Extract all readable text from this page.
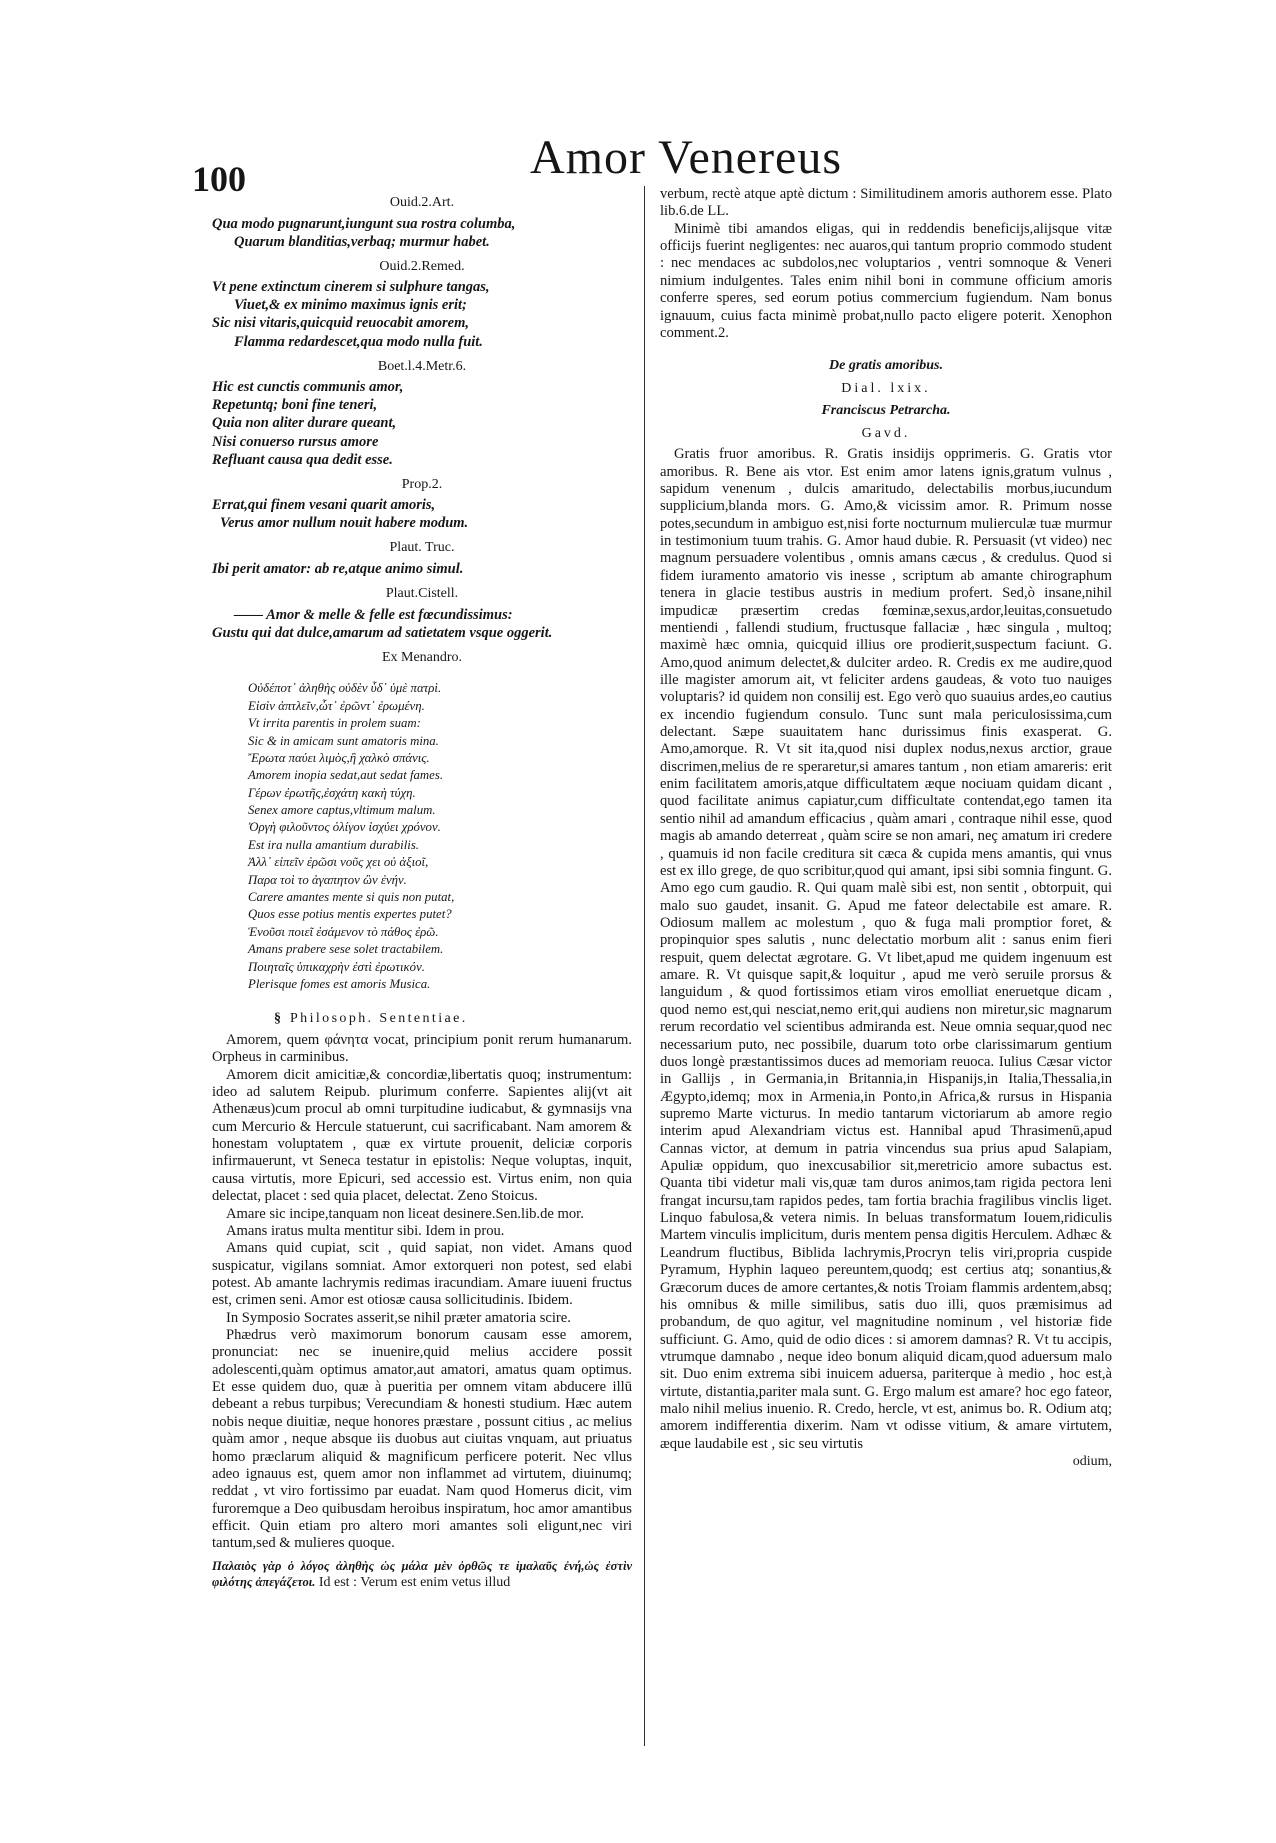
100	Amor Venereus
Ouid.2.Art.

Qua modo pugnarunt,iungunt sua rostra columba,

Quarum blanditias,verbaq; murmur habet.

Ouid.2.Remed.

Vt pene extinctum cinerem si sulphure tangas,

Viuet,& ex minimo maximus ignis erit;

Sic nisi vitaris,quicquid reuocabit amorem,

Flamma redardescet,qua modo nulla fuit.

Boet.l.4.Metr.6.

Hic est cunctis communis amor,

Repetuntq; boni fine teneri,

Quia non aliter durare queant,

Nisi conuerso rursus amore

Refluant causa qua dedit esse.

Prop.2.

Errat,qui finem vesani quarit amoris,

Verus amor nullum nouit habere modum.

Plaut. Truc.

Ibi perit amator: ab re,atque animo simul.

Plaut.Cistell.

—— Amor & melle & felle est fœcundissimus:

Gustu qui dat dulce,amarum ad satietatem vsque oggerit.

Ex Menandro.

Οὐδέποτ᾽ ἀληθὴς οὐδὲν ὗδ᾽ ὑμὲ πατρὶ.

Εἰσὶν ἀπτλεῖν,ὦτ᾽ ἐρῶντ᾽ ἐρωμένη.

Vt irrita parentis in prolem suam:

Sic & in amicam sunt amatoris mina.

Ἔρωτα παύει λιμὸς,ἢ χαλκὸ σπάνις.

Amorem inopia sedat,aut sedat fames.

Γέρων ἐρωτῆς,ἐσχάτη κακὴ τύχη.

Senex amore captus,vltimum malum.

Ὀργὴ φιλοῦντος ὀλίγον ἰσχύει χρόνον.

Est ira nulla amantium durabilis.

Ἀλλ᾽ εἰπεῖν ἐρῶσι νοῦς χει οὐ ἀξιοῖ,

Παρα τοὶ το ἀγαπητον ὢν ἐνήν.

Carere amantes mente si quis non putat,

Quos esse potius mentis expertes putet?

Ἑνοῦσι ποιεῖ ἐσάμενον τὸ πάθος ἐρῶ.

Amans prabere sese solet tractabilem.

Ποιηταῖς ὑπικαχρὴν ἐστὶ ἐρωτικόν.

Plerisque fomes est amoris Musica.

§ Philosoph. Sententiae.

Amorem, quem φάνητα vocat, principium ponit rerum humanarum. Orpheus in carminibus.

Amorem dicit amicitiæ,& concordiæ,libertatis quoq; instrumentum: ideo ad salutem Reipub. plurimum conferre. Sapientes alij(vt ait Athenæus)cum procul ab omni turpitudine iudicabut, & gymnasijs vna cum Mercurio & Hercule statuerunt, cui sacrificabant. Nam amorem & honestam voluptatem , quæ ex virtute prouenit, deliciæ corporis infirmauerunt, vt Seneca testatur in epistolis: Neque voluptas, inquit, causa virtutis, more Epicuri, sed accessio est. Virtus enim, non quia delectat, placet : sed quia placet, delectat. Zeno Stoicus.

Amare sic incipe,tanquam non liceat desinere.Sen.lib.de mor.

Amans iratus multa mentitur sibi. Idem in prou.

Amans quid cupiat, scit , quid sapiat, non videt. Amans quod suspicatur, vigilans somniat. Amor extorqueri non potest, sed elabi potest. Ab amante lachrymis redimas iracundiam. Amare iuueni fructus est, crimen seni. Amor est otiosæ causa sollicitudinis. Ibidem.

In Symposio Socrates asserit,se nihil præter amatoria scire.

Phædrus verò maximorum bonorum causam esse amorem, pronunciat: nec se inuenire,quid melius accidere possit adolescenti,quàm optimus amator,aut amatori, amatus quam optimus. Et esse quidem duo, quæ à pueritia per omnem vitam abducere illū debeant a rebus turpibus; Verecundiam & honesti studium. Hæc autem nobis neque diuitiæ, neque honores præstare , possunt citius , ac melius quàm amor , neque absque iis duobus aut ciuitas vnquam, aut priuatus homo præclarum aliquid & magnificum perficere poterit. Nec vllus adeo ignauus est, quem amor non inflammet ad virtutem, diuinumq; reddat , vt viro fortissimo par euadat. Nam quod Homerus dicit, vim furoremque a Deo quibusdam heroibus inspiratum, hoc amor amantibus efficit. Quin etiam pro altero mori amantes soli eligunt,nec viri tantum,sed & mulieres quoque.

Παλαιὸς γὰρ ὁ λόγος ἀληθὴς ὡς μάλα μὲν ὀρθῶς τε ἱμαλαῦς ἐνή,ὡς ἐστὶν φιλότης ἀπεγάζετοι. Id est : Verum est enim vetus illud

verbum, rectè atque aptè dictum : Similitudinem amoris authorem esse. Plato lib.6.de LL.

Minimè tibi amandos eligas, qui in reddendis beneficijs,alijsque vitæ officijs fuerint negligentes: nec auaros,qui tantum proprio commodo student : nec mendaces ac subdolos,nec voluptarios , ventri somnoque & Veneri nimium indulgentes. Tales enim nihil boni in commune officium amoris conferre speres, sed eorum potius commercium fugiendum. Nam bonus ignauum, cuius facta minimè probat,nullo pacto eligere poterit. Xenophon comment.2.

De gratis amoribus.
Dial. lxix.
Franciscus Petrarcha.
Gavd.

Gratis fruor amoribus. R. Gratis insidijs opprimeris. G. Gratis vtor amoribus. R. Bene ais vtor. Est enim amor latens ignis,gratum vulnus , sapidum venenum , dulcis amaritudo, delectabilis morbus,iucundum supplicium,blanda mors. G. Amo,& vicissim amor. R. Primum nosse potes,secundum in ambiguo est,nisi forte nocturnum mulierculæ tuæ murmur in testimonium tuum trahis. G. Amor haud dubie. R. Persuasit (vt video) nec magnum persuadere volentibus , omnis amans cæcus , & credulus. Quod si fidem iuramento amatorio vis inesse , scriptum ab amante chirographum tenera in glacie testibus austris in medium profert. Sed,ò insane,nihil impudicæ præsertim credas fœminæ,sexus,ardor,leuitas,consuetudo mentiendi , fallendi studium, fructusque fallaciæ , hæc singula , multoq; maximè hæc omnia, quicquid illius ore prodierit,suspectum faciunt. G. Amo,quod animum delectet,& dulciter ardeo. R. Credis ex me audire,quod ille magister amorum ait, vt feliciter ardens gaudeas, & voto tuo nauiges voluptaris? id quidem non consilij est. Ego verò quo suauius ardes,eo cautius ex incendio fugiendum consulo. Tunc sunt mala periculosissima,cum delectant. Sæpe suauitatem hanc durissimus finis exasperat. G. Amo,amorque. R. Vt sit ita,quod nisi duplex nodus,nexus arctior, graue discrimen,melius de re speraretur,si amares tantum , non etiam amareris: erit enim facilitatem amoris,atque difficultatem æque nociuam quidam dicant , quod facilitate animus capiatur,cum difficultate contendat,ego tamen ita sentio nihil ad amandum efficacius , quàm amari , contraque nihil esse, quod magis ab amando deterreat , quàm scire se non amari, neç amatum iri credere , quamuis id non facile creditura sit cæca & cupida mens amantis, qui vnus est ex illo grege, de quo scribitur,quod qui amant, ipsi sibi somnia fingunt. G. Amo ego cum gaudio. R. Qui quam malè sibi est, non sentit , obtorpuit, qui malo suo gaudet, insanit. G. Apud me fateor delectabile est amare. R. Odiosum mallem ac molestum , quo & fuga mali promptior foret, & propinquior spes salutis , nunc delectatio morbum alit : sanus enim fieri respuit, quem delectat ægrotare. G. Vt libet,apud me quidem ingenuum est amare. R. Vt quisque sapit,& loquitur , apud me verò seruile prorsus & languidum , & quod fortissimos etiam viros emolliat eneruetque dicam , quod nemo est,qui nesciat,nemo erit,qui audiens non miretur,sic magnarum rerum recordatio vel scientibus admiranda est. Neue omnia sequar,quod nec necessarium puto, nec possibile, duarum toto orbe clarissimarum gentium duos longè præstantissimos duces ad memoriam reuoca. Iulius Cæsar victor in Gallijs , in Germania,in Britannia,in Hispanijs,in Italia,Thessalia,in Ægypto,idemq; mox in Armenia,in Ponto,in Africa,& rursus in Hispania supremo Marte victurus. In medio tantarum victoriarum ab amore regio interim apud Alexandriam victus est. Hannibal apud Thrasimenū,apud Cannas victor, at demum in patria vincendus sua prius apud Salapiam, Apuliæ oppidum, quo inexcusabilior sit,meretricio amore subactus est. Quanta tibi videtur mali vis,quæ tam duros animos,tam rigida pectora leni frangat incursu,tam rapidos pedes, tam fortia brachia fragilibus vinclis liget. Linquo fabulosa,& vetera nimis. In beluas transformatum Iouem,ridiculis Martem vinculis implicitum, duris mentem pensa digitis Herculem. Adhæc & Leandrum fluctibus, Biblida lachrymis,Procryn telis viri,propria cuspide Pyramum, Hyphin laqueo pereuntem,quodq; est certius atq; sonantius,& Græcorum duces de amore certantes,& notis Troiam flammis ardentem,absq; his omnibus & mille similibus, satis duo illi, quos præmisimus ad probandum, de quo agitur, vel magnitudine nominum , vel historiæ fide sufficiunt. G. Amo, quid de odio dices : si amorem damnas? R. Vt tu accipis, vtrumque damnabo , neque ideo bonum aliquid dicam,quod aduersum malo sit. Duo enim extrema sibi inuicem aduersa, pariterque à medio , hoc est,à virtute, distantia,pariter mala sunt. G. Ergo malum est amare? hoc ego fateor, malo nihil melius inuenio. R. Credo, hercle, vt est, animus bo. R. Odium atq; amorem indifferentia dixerim. Nam vt odisse vitium, & amare virtutem, æque laudabile est , sic seu virtutis

odium,
